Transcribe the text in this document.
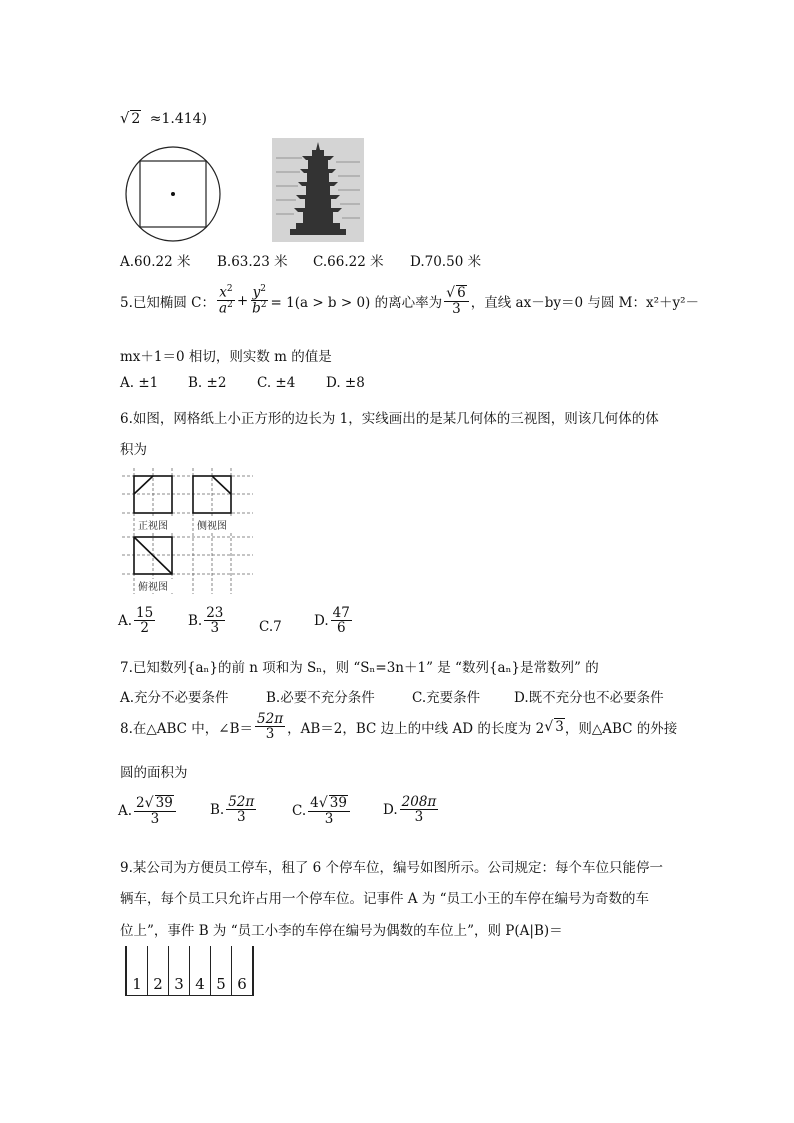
√ 2 ≈1.414)
A.60.22 米 B.63.23 米 C.66.22 米 D.70.50 米
5.已知椭圆 C： $\frac{x^2}{a^2} + \frac{y^2}{b^2} = 1(a > b > 0)$ 的离心率为 $\frac{√ 6}{3}$ ，直线 ax－by＝0 与圆 M：x²＋y²－
mx＋1＝0 相切，则实数 m 的值是
A. ±1 B. ±2 C. ±4 D. ±8
6.如图，网格纸上小正方形的边长为 1，实线画出的是某几何体的三视图，则该几何体的体
积为
正视图	侧视图
俯视图
A. $\frac{15}{2} B$. $\frac{23}{3} C.7$ D. $\frac{47}{6}$
7.已知数列{aₙ}的前 n 项和为 Sₙ，则 “Sₙ=3n＋1” 是 “数列{aₙ}是常数列” 的
A.充分不必要条件	B.必要不充分条件	C.充要条件	D.既不充分也不必要条件
8.在△ABC 中，∠B＝ $\frac{52\pi}{3}$ ，AB＝2，BC 边上的中线 AD 的长度为 2 √ 3 ，则△ABC 的外接
圆的面积为
A. $\frac{2√ 39}{3}$	B. $\frac{52\pi}{3}$	C. $\frac{4√ 39}{3} D$. $\frac{208\pi}{3}$
9.某公司为方便员工停车，租了 6 个停车位，编号如图所示。公司规定：每个车位只能停一
辆车，每个员工只允许占用一个停车位。记事件 A 为 “员工小王的车停在编号为奇数的车
位上”，事件 B 为 “员工小李的车停在编号为偶数的车位上”，则 P(A|B)＝
1 2 3 4 5 6
